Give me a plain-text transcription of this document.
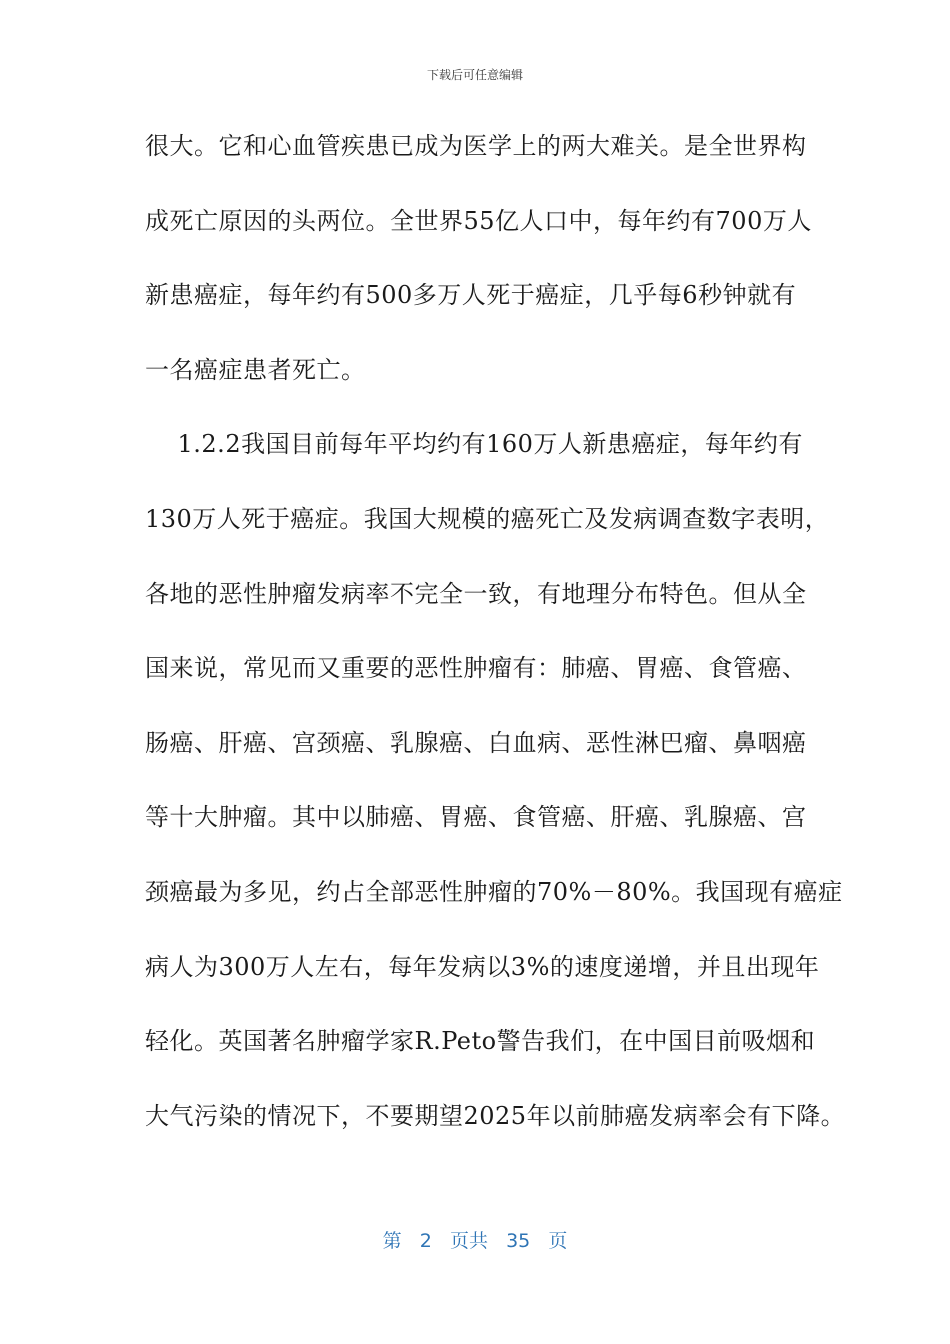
下载后可任意编辑
很大。它和心血管疾患已成为医学上的两大难关。是全世界构
成死亡原因的头两位。全世界55亿人口中，每年约有700万人
新患癌症，每年约有500多万人死于癌症，几乎每6秒钟就有
一名癌症患者死亡。
1.2.2我国目前每年平均约有160万人新患癌症，每年约有
130万人死于癌症。我国大规模的癌死亡及发病调查数字表明，
各地的恶性肿瘤发病率不完全一致，有地理分布特色。但从全
国来说，常见而又重要的恶性肿瘤有：肺癌、胃癌、食管癌、
肠癌、肝癌、宫颈癌、乳腺癌、白血病、恶性淋巴瘤、鼻咽癌
等十大肿瘤。其中以肺癌、胃癌、食管癌、肝癌、乳腺癌、宫
颈癌最为多见，约占全部恶性肿瘤的70%－80%。我国现有癌症
病人为300万人左右，每年发病以3%的速度递增，并且出现年
轻化。英国著名肿瘤学家R.Peto警告我们，在中国目前吸烟和
大气污染的情况下，不要期望2025年以前肺癌发病率会有下降。
第 2 页共 35 页
